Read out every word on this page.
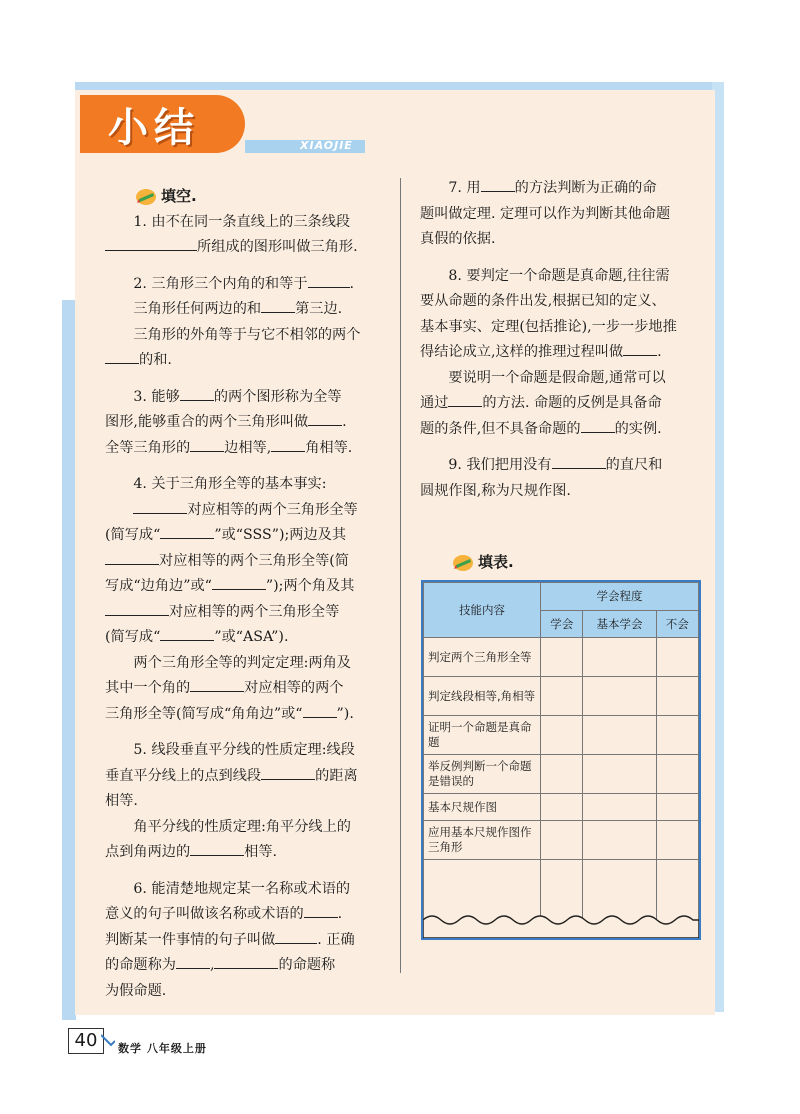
小结	XIAOJIE

填空.

1. 由不在同一条直线上的三条线段

所组成的图形叫做三角形.

2. 三角形三个内角的和等于	.

三角形任何两边的和 第三边.

三角形的外角等于与它不相邻的两个

的和.

3. 能够 的两个图形称为全等

图形,能够重合的两个三角形叫做 .

全等三角形的 边相等, 角相等.

4. 关于三角形全等的基本事实:

对应相等的两个三角形全等

(简写成“	”或“SSS”);两边及其

对应相等的两个三角形全等(简

写成“边角边”或“	”);两个角及其

对应相等的两个三角形全等

(简写成“	”或“ASA”).

两个三角形全等的判定定理:两角及

其中一个角的	对应相等的两个

三角形全等(简写成“角角边”或“ ”).

5. 线段垂直平分线的性质定理:线段

垂直平分线上的点到线段	的距离

相等.

角平分线的性质定理:角平分线上的

点到角两边的	相等.

6. 能清楚地规定某一名称或术语的

意义的句子叫做该名称或术语的 .

判断某一件事情的句子叫做	. 正确

的命题称为 ,	的命题称

为假命题.

7. 用 的方法判断为正确的命

题叫做定理. 定理可以作为判断其他命题

真假的依据.

8. 要判定一个命题是真命题,往往需

要从命题的条件出发,根据已知的定义、

基本事实、定理(包括推论),一步一步地推

得结论成立,这样的推理过程叫做 .

要说明一个命题是假命题,通常可以

通过 的方法. 命题的反例是具备命

题的条件,但不具备命题的 的实例.

9. 我们把用没有	的直尺和

圆规作图,称为尺规作图.

填表.

技能内容	学会程度		
	学会	基本学会	不会
判定两个三角形全等			
判定线段相等,角相等			
证明一个命题是真命题			
举反例判断一个命题是错误的			
基本尺规作图			
应用基本尺规作图作三角形			

40	数学 八年级上册
